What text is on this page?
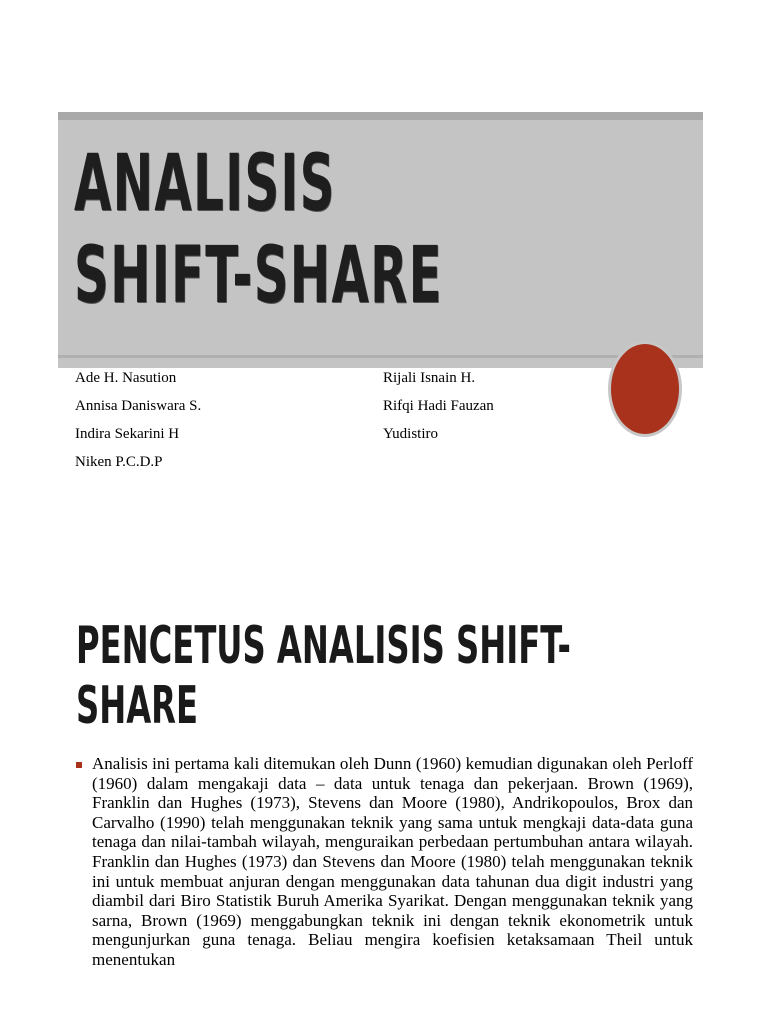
ANALISIS
SHIFT-SHARE
Ade H. Nasution
Annisa Daniswara S.
Indira Sekarini H
Niken P.C.D.P
Rijali Isnain H.
Rifqi Hadi Fauzan
Yudistiro
PENCETUS ANALISIS SHIFT-
SHARE
Analisis ini pertama kali ditemukan oleh Dunn (1960) kemudian digunakan oleh Perloff (1960) dalam mengakaji data – data untuk tenaga dan pekerjaan. Brown (1969), Franklin dan Hughes (1973), Stevens dan Moore (1980), Andrikopoulos, Brox dan Carvalho (1990) telah menggunakan teknik yang sama untuk mengkaji data-data guna tenaga dan nilai-tambah wilayah, menguraikan perbedaan pertumbuhan antara wilayah. Franklin dan Hughes (1973) dan Stevens dan Moore (1980) telah menggunakan teknik ini untuk membuat anjuran dengan menggunakan data tahunan dua digit industri yang diambil dari Biro Statistik Buruh Amerika Syarikat. Dengan menggunakan teknik yang sarna, Brown (1969) menggabungkan teknik ini dengan teknik ekonometrik untuk mengunjurkan guna tenaga. Beliau mengira koefisien ketaksamaan Theil untuk menentukan
